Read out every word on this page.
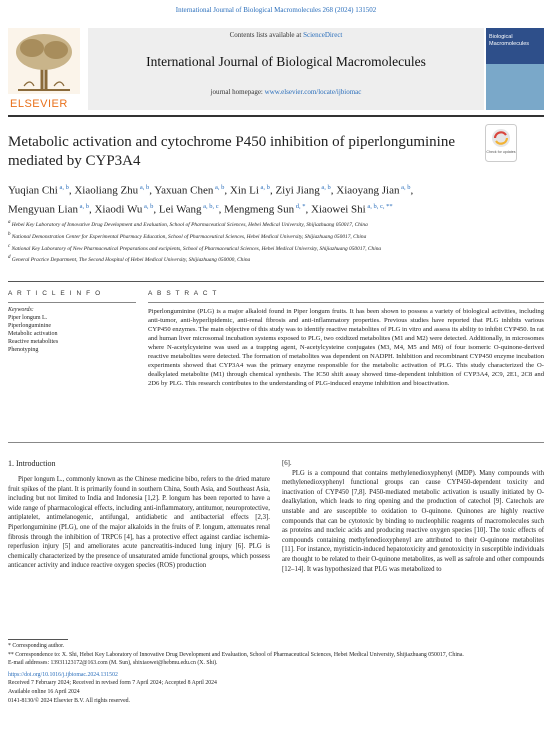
International Journal of Biological Macromolecules 268 (2024) 131502
ELSEVIER
Contents lists available at ScienceDirect
International Journal of Biological Macromolecules
journal homepage: www.elsevier.com/locate/ijbiomac
Biological Macromolecules
Metabolic activation and cytochrome P450 inhibition of piperlonguminine mediated by CYP3A4
Check for updates
Yuqian Chi $^{a, b}$, Xiaoliang Zhu $^{a, b}$, Yaxuan Chen $^{a, b}$, Xin Li $^{a, b}$, Ziyi Jiang $^{a, b}$, Xiaoyang Jian $^{a, b}$,
Mengyuan Lian $^{a, b}$, Xiaodi Wu $^{a, b}$, Lei Wang $^{a, b, c}$, Mengmeng Sun $^{d, *}$, Xiaowei Shi $^{a, b, c, **}$
$^a$ Hebei Key Laboratory of Innovative Drug Development and Evaluation, School of Pharmaceutical Sciences, Hebei Medical University, Shijiazhuang 050017, China
$^b$ National Demonstration Center for Experimental Pharmacy Education, School of Pharmaceutical Sciences, Hebei Medical University, Shijiazhuang 050017, China
$^c$ National Key Laboratory of New Pharmaceutical Preparations and excipients, School of Pharmaceutical Sciences, Hebei Medical University, Shijiazhuang 050017, China
$^d$ General Practice Department, The Second Hospital of Hebei Medical University, Shijiazhuang 050000, China
A R T I C L E I N F O	A B S T R A C T
Keywords:
Piper longum L.
Piperlonguminine
Metabolic activation
Reactive metabolites
Phenotyping
Piperlonguminine (PLG) is a major alkaloid found in Piper longum fruits. It has been shown to possess a variety of biological activities, including anti-tumor, anti-hyperlipidemic, anti-renal fibrosis and anti-inflammatory properties. Previous studies have reported that PLG inhibits various CYP450 enzymes. The main objective of this study was to identify reactive metabolites of PLG in vitro and assess its ability to inhibit CYP450. In rat and human liver microsomal incubation systems exposed to PLG, two oxidized metabolites (M1 and M2) were detected. Additionally, in microsomes where N-acetylcysteine was used as a trapping agent, N-acetylcysteine conjugates (M3, M4, M5 and M6) of four isomeric O-quinone-derived reactive metabolites were detected. The formation of metabolites was dependent on NADPH. Inhibition and recombinant CYP450 enzyme incubation experiments showed that CYP3A4 was the primary enzyme responsible for the metabolic activation of PLG. This study characterized the O-dealkylated metabolite (M1) through chemical synthesis. The IC50 shift assay showed time-dependent inhibition of CYP3A4, 2C9, 2E1, 2C8 and 2D6 by PLG. This research contributes to the understanding of PLG-induced enzyme inhibition and bioactivation.
1. Introduction

Piper longum L., commonly known as the Chinese medicine bibo, refers to the dried mature fruit spikes of the plant. It is primarily found in southern China, South Asia, and Southeast Asia, including but not limited to India and Indonesia [1,2]. P. longum has been reported to have a wide range of pharmacological effects, including anti-inflammatory, antitumor, neuroprotective, antiplatelet, antimelanogenic, antifungal, antidiabetic and antibacterial effects [2,3]. Piperlonguminine (PLG), one of the major alkaloids in the fruits of P. longum, attenuates renal fibrosis through the inhibition of TRPC6 [4], has a protective effect against cardiac ischemia-reperfusion injury [5] and ameliorates acute pancreatitis-induced lung injury [6]. PLG is chemically characterized by the presence of unsaturated amide functional groups, which possess anticancer activity and induce reactive oxygen species (ROS) production

[6].

PLG is a compound that contains methylenedioxyphenyl (MDP). Many compounds with methylenedioxyphenyl functional groups can cause CYP450-dependent toxicity and inactivation of CYP450 [7,8]. P450-mediated metabolic activation is usually initiated by O-dealkylation, which leads to ring opening and the production of catechol [9]. Catechols are unstable and are susceptible to oxidation to O-quinone. Quinones are highly reactive compounds that can be cytotoxic by binding to nucleophilic reagents of macromolecules such as proteins and nucleic acids and producing reactive oxygen species [10]. The toxic effects of compounds containing methylenedioxyphenyl are attributed to their O-quinone metabolites [11]. For instance, myristicin-induced hepatotoxicity and genotoxicity in susceptible individuals are thought to be related to their O-quinone metabolites, as well as safrole and other compounds [12–14]. It was hypothesized that PLG was metabolized to

* Corresponding author.
** Correspondence to: X. Shi, Hebei Key Laboratory of Innovative Drug Development and Evaluation, School of Pharmaceutical Sciences, Hebei Medical University, Shijiazhuang 050017, China.
E-mail addresses: 13931123172@163.com (M. Sun), shixiaowei@hebmu.edu.cn (X. Shi).
https://doi.org/10.1016/j.ijbiomac.2024.131502
Received 7 February 2024; Received in revised form 7 April 2024; Accepted 8 April 2024
Available online 16 April 2024
0141-8130/© 2024 Elsevier B.V. All rights reserved.
